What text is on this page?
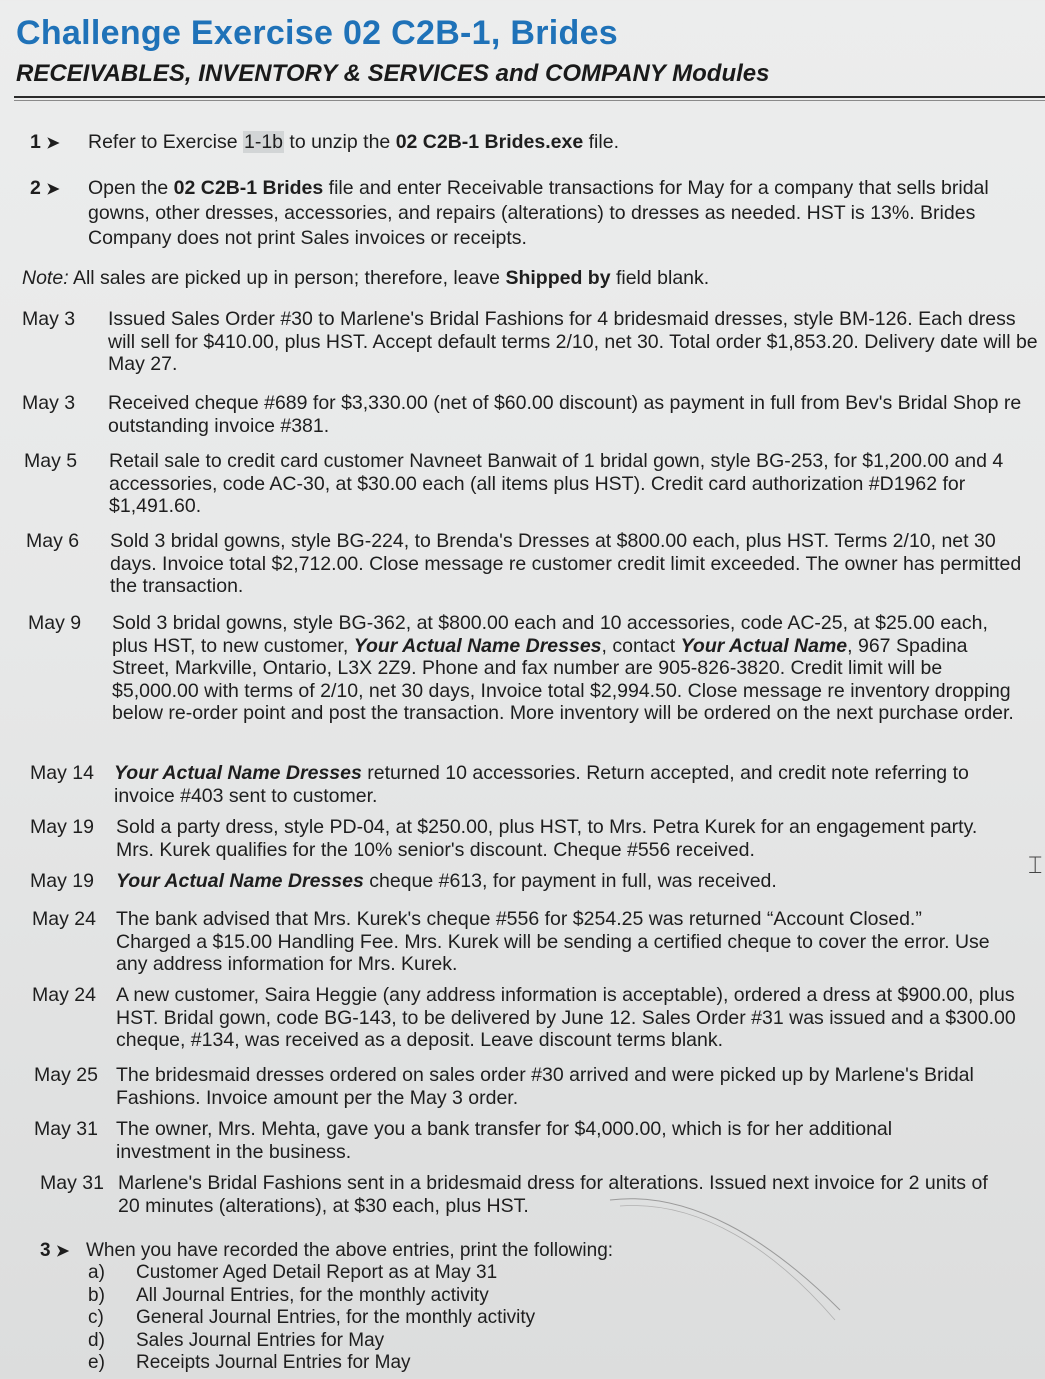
Challenge Exercise 02 C2B-1, Brides
RECEIVABLES, INVENTORY & SERVICES and COMPANY Modules
1 ➤	Refer to Exercise 1-1b to unzip the 02 C2B-1 Brides.exe file.
2 ➤	Open the 02 C2B-1 Brides file and enter Receivable transactions for May for a company that sells bridal gowns, other dresses, accessories, and repairs (alterations) to dresses as needed. HST is 13%. Brides Company does not print Sales invoices or receipts.
Note: All sales are picked up in person; therefore, leave Shipped by field blank.
May 3 Issued Sales Order #30 to Marlene's Bridal Fashions for 4 bridesmaid dresses, style BM-126. Each dress will sell for $410.00, plus HST. Accept default terms 2/10, net 30. Total order $1,853.20. Delivery date will be May 27.
May 3 Received cheque #689 for $3,330.00 (net of $60.00 discount) as payment in full from Bev's Bridal Shop re outstanding invoice #381.
May 5 Retail sale to credit card customer Navneet Banwait of 1 bridal gown, style BG-253, for $1,200.00 and 4 accessories, code AC-30, at $30.00 each (all items plus HST). Credit card authorization #D1962 for $1,491.60.
May 6 Sold 3 bridal gowns, style BG-224, to Brenda's Dresses at $800.00 each, plus HST. Terms 2/10, net 30 days. Invoice total $2,712.00. Close message re customer credit limit exceeded. The owner has permitted the transaction.
May 9 Sold 3 bridal gowns, style BG-362, at $800.00 each and 10 accessories, code AC-25, at $25.00 each, plus HST, to new customer, Your Actual Name Dresses, contact Your Actual Name, 967 Spadina Street, Markville, Ontario, L3X 2Z9. Phone and fax number are 905-826-3820. Credit limit will be $5,000.00 with terms of 2/10, net 30 days, Invoice total $2,994.50. Close message re inventory dropping below re-order point and post the transaction. More inventory will be ordered on the next purchase order.
May 14 Your Actual Name Dresses returned 10 accessories. Return accepted, and credit note referring to invoice #403 sent to customer.
May 19 Sold a party dress, style PD-04, at $250.00, plus HST, to Mrs. Petra Kurek for an engagement party. Mrs. Kurek qualifies for the 10% senior's discount. Cheque #556 received.
May 19 Your Actual Name Dresses cheque #613, for payment in full, was received.
May 24 The bank advised that Mrs. Kurek's cheque #556 for $254.25 was returned “Account Closed.” Charged a $15.00 Handling Fee. Mrs. Kurek will be sending a certified cheque to cover the error. Use any address information for Mrs. Kurek.
May 24 A new customer, Saira Heggie (any address information is acceptable), ordered a dress at $900.00, plus HST. Bridal gown, code BG-143, to be delivered by June 12. Sales Order #31 was issued and a $300.00 cheque, #134, was received as a deposit. Leave discount terms blank.
May 25 The bridesmaid dresses ordered on sales order #30 arrived and were picked up by Marlene's Bridal Fashions. Invoice amount per the May 3 order.
May 31 The owner, Mrs. Mehta, gave you a bank transfer for $4,000.00, which is for her additional investment in the business.
May 31 Marlene's Bridal Fashions sent in a bridesmaid dress for alterations. Issued next invoice for 2 units of 20 minutes (alterations), at $30 each, plus HST.
3 ➤ When you have recorded the above entries, print the following:
a)	Customer Aged Detail Report as at May 31
b)	All Journal Entries, for the monthly activity
c)	General Journal Entries, for the monthly activity
d)	Sales Journal Entries for May
e)	Receipts Journal Entries for May
⌶
